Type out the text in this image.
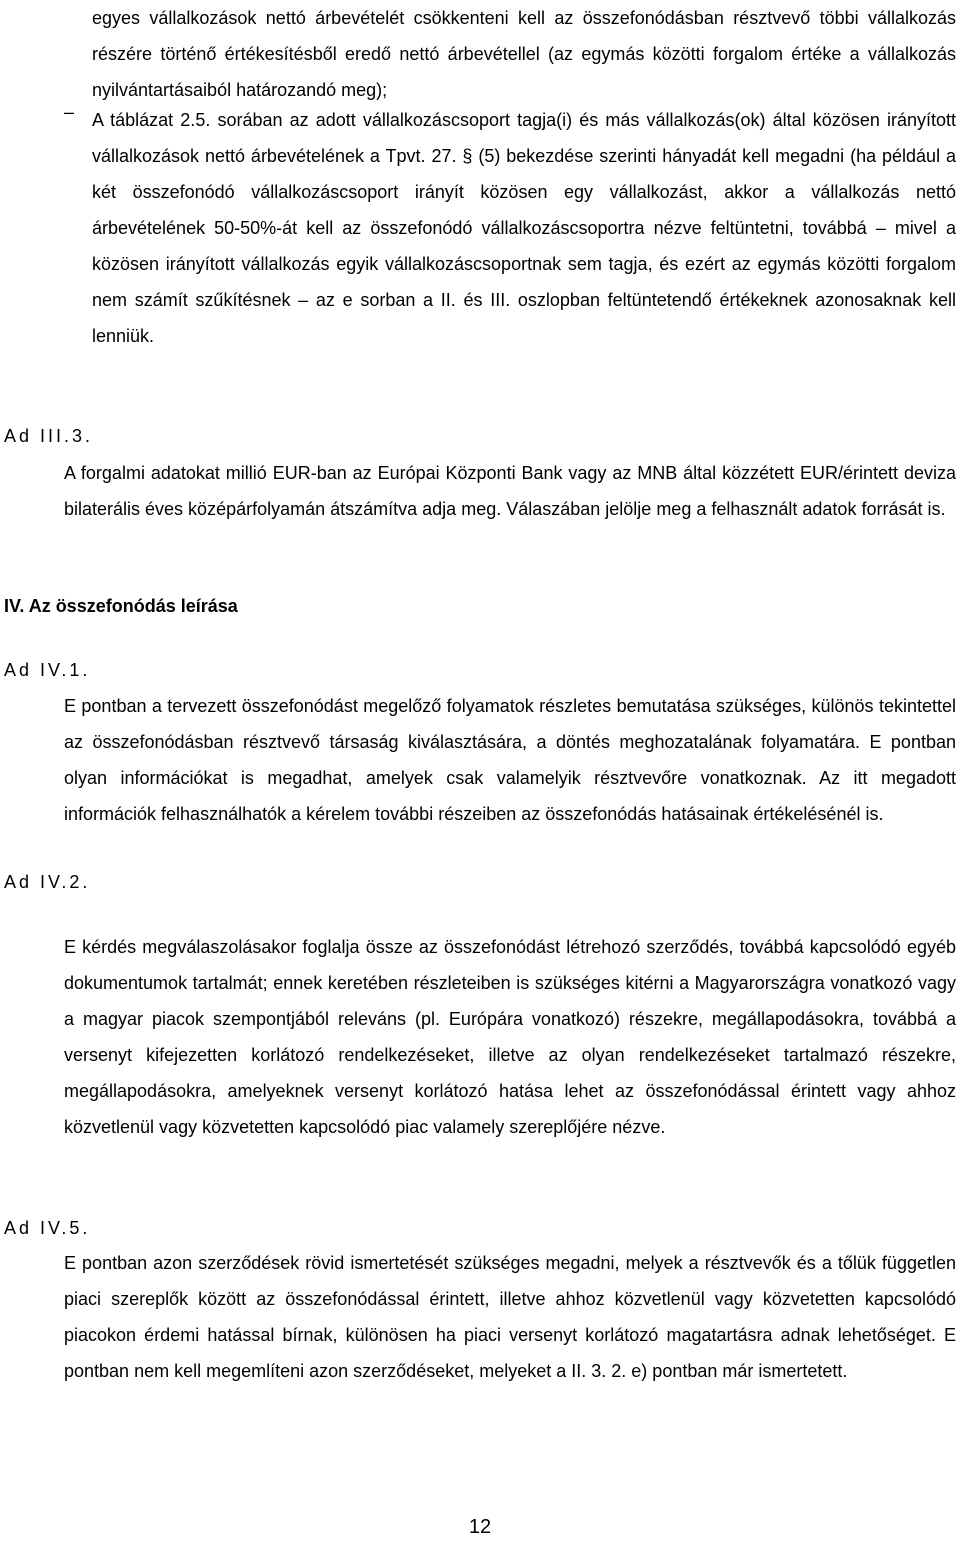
egyes vállalkozások nettó árbevételét csökkenteni kell az összefonódásban résztvevő többi vállalkozás részére történő értékesítésből eredő nettó árbevétellel (az egymás közötti forgalom értéke a vállalkozás nyilvántartásaiból határozandó meg);

– A táblázat 2.5. sorában az adott vállalkozáscsoport tagja(i) és más vállalkozás(ok) által közösen irányított vállalkozások nettó árbevételének a Tpvt. 27. § (5) bekezdése szerinti hányadát kell megadni (ha például a két összefonódó vállalkozáscsoport irányít közösen egy vállalkozást, akkor a vállalkozás nettó árbevételének 50-50%-át kell az összefonódó vállalkozáscsoportra nézve feltüntetni, továbbá – mivel a közösen irányított vállalkozás egyik vállalkozáscsoportnak sem tagja, és ezért az egymás közötti forgalom nem számít szűkítésnek – az e sorban a II. és III. oszlopban feltüntetendő értékeknek azonosaknak kell lenniük.

Ad III.3.

A forgalmi adatokat millió EUR-ban az Európai Központi Bank vagy az MNB által közzétett EUR/érintett deviza bilaterális éves középárfolyamán átszámítva adja meg. Válaszában jelölje meg a felhasznált adatok forrását is.

IV. Az összefonódás leírása

Ad IV.1.

E pontban a tervezett összefonódást megelőző folyamatok részletes bemutatása szükséges, különös tekintettel az összefonódásban résztvevő társaság kiválasztására, a döntés meghozatalának folyamatára. E pontban olyan információkat is megadhat, amelyek csak valamelyik résztvevőre vonatkoznak. Az itt megadott információk felhasználhatók a kérelem további részeiben az összefonódás hatásainak értékelésénél is.

Ad IV.2.

E kérdés megválaszolásakor foglalja össze az összefonódást létrehozó szerződés, továbbá kapcsolódó egyéb dokumentumok tartalmát; ennek keretében részleteiben is szükséges kitérni a Magyarországra vonatkozó vagy a magyar piacok szempontjából releváns (pl. Európára vonatkozó) részekre, megállapodásokra, továbbá a versenyt kifejezetten korlátozó rendelkezéseket, illetve az olyan rendelkezéseket tartalmazó részekre, megállapodásokra, amelyeknek versenyt korlátozó hatása lehet az összefonódással érintett vagy ahhoz közvetlenül vagy közvetetten kapcsolódó piac valamely szereplőjére nézve.

Ad IV.5.

E pontban azon szerződések rövid ismertetését szükséges megadni, melyek a résztvevők és a tőlük független piaci szereplők között az összefonódással érintett, illetve ahhoz közvetlenül vagy közvetetten kapcsolódó piacokon érdemi hatással bírnak, különösen ha piaci versenyt korlátozó magatartásra adnak lehetőséget. E pontban nem kell megemlíteni azon szerződéseket, melyeket a II. 3. 2. e) pontban már ismertetett.

12
